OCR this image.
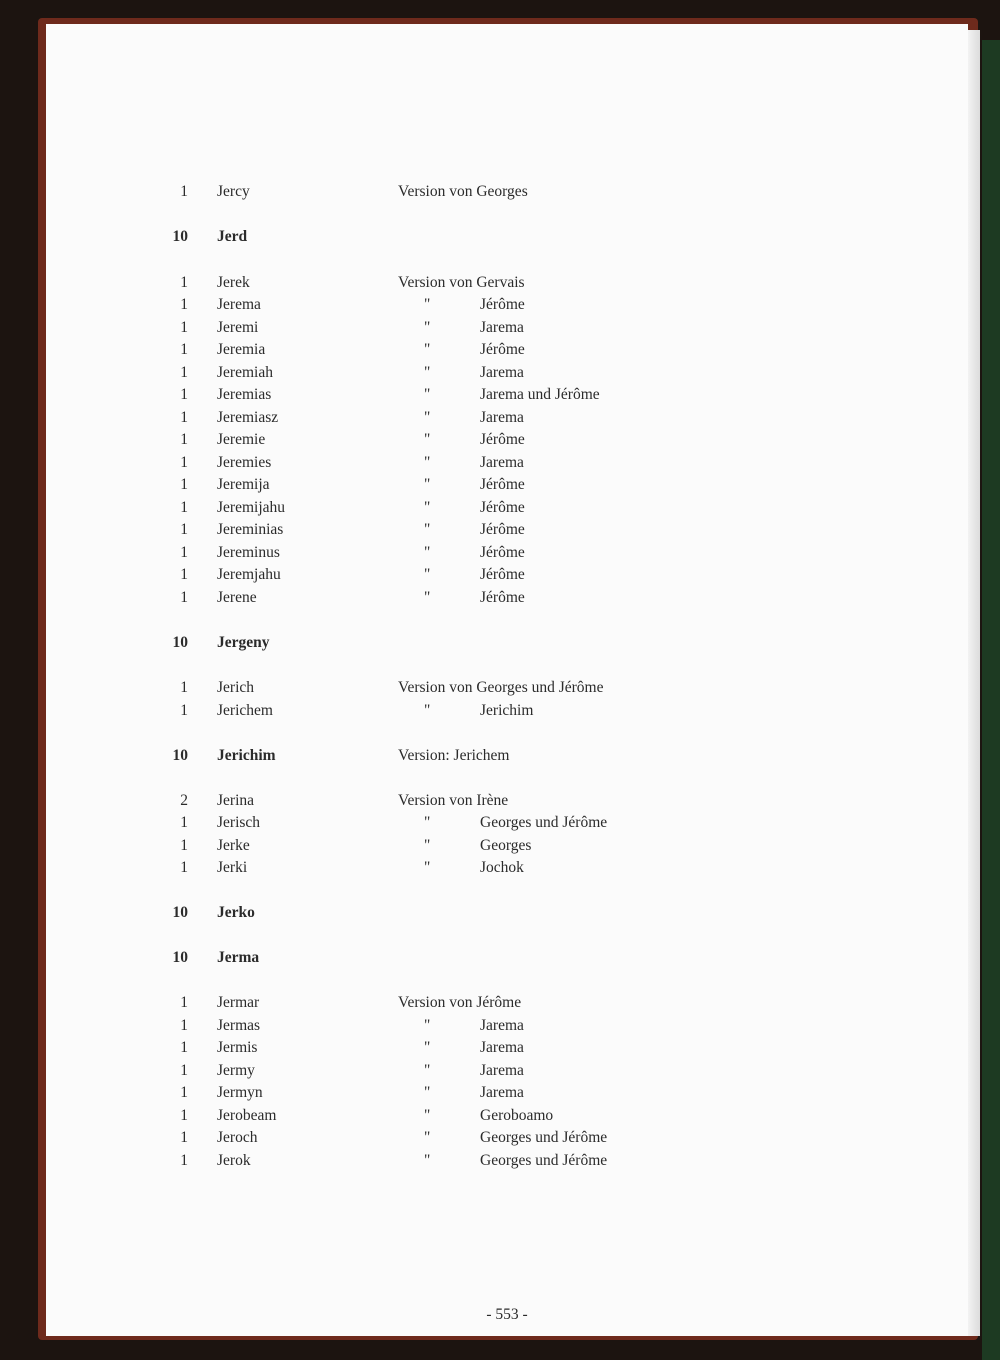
1 Jercy	Version von Georges
10 Jerd
1 Jerek	Version von Gervais
1 Jerema	"	Jérôme
1 Jeremi	"	Jarema
1 Jeremia	"	Jérôme
1 Jeremiah	"	Jarema
1 Jeremias	"	Jarema und Jérôme
1 Jeremiasz	"	Jarema
1 Jeremie	"	Jérôme
1 Jeremies	"	Jarema
1 Jeremija	"	Jérôme
1 Jeremijahu	"	Jérôme
1 Jereminias	"	Jérôme
1 Jereminus	"	Jérôme
1 Jeremjahu	"	Jérôme
1 Jerene	"	Jérôme
10 Jergeny
1 Jerich	Version von Georges und Jérôme
1 Jerichem	"	Jerichim
10 Jerichim	Version: Jerichem
2 Jerina	Version von Irène
1 Jerisch	"	Georges und Jérôme
1 Jerke	"	Georges
1 Jerki	"	Jochok
10 Jerko
10 Jerma
1 Jermar	Version von Jérôme
1 Jermas	"	Jarema
1 Jermis	"	Jarema
1 Jermy	"	Jarema
1 Jermyn	"	Jarema
1 Jerobeam	"	Geroboamo
1 Jeroch	"	Georges und Jérôme
1 Jerok	"	Georges und Jérôme
- 553 -
